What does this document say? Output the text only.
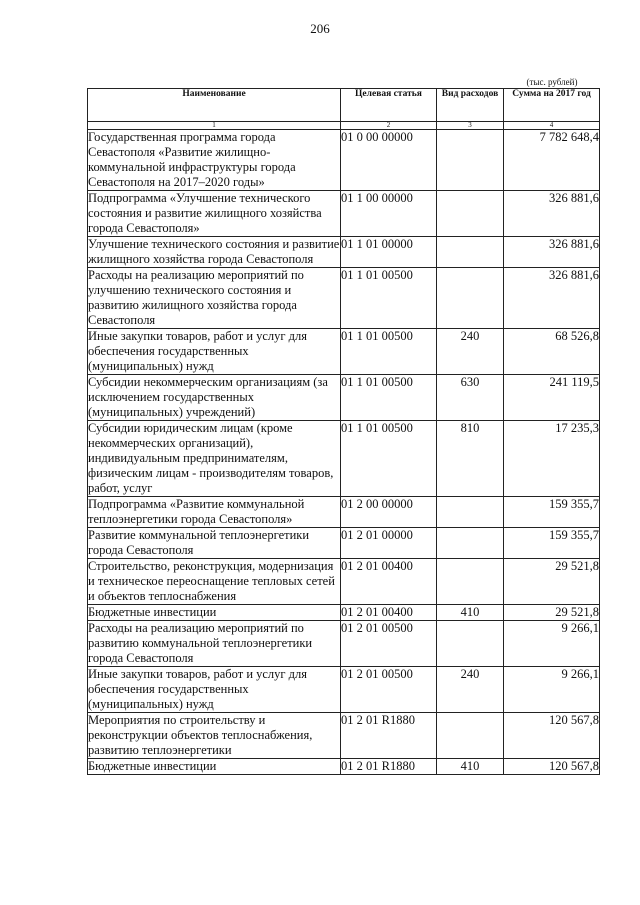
206
(тыс. рублей)
Наименование	Целевая статья	Вид расходов	Сумма на 2017 год
1	2	3	4
Государственная программа города Севастополя «Развитие жилищно-коммунальной инфраструктуры города Севастополя на 2017–2020 годы»	01 0 00 00000		7 782 648,4
Подпрограмма «Улучшение технического состояния и развитие жилищного хозяйства города Севастополя»	01 1 00 00000		326 881,6
Улучшение технического состояния и развитие жилищного хозяйства города Севастополя	01 1 01 00000		326 881,6
Расходы на реализацию мероприятий по улучшению технического состояния и развитию жилищного хозяйства города Севастополя	01 1 01 00500		326 881,6
Иные закупки товаров, работ и услуг для обеспечения государственных (муниципальных) нужд	01 1 01 00500	240	68 526,8
Субсидии некоммерческим организациям (за исключением государственных (муниципальных) учреждений)	01 1 01 00500	630	241 119,5
Субсидии юридическим лицам (кроме некоммерческих организаций), индивидуальным предпринимателям, физическим лицам - производителям товаров, работ, услуг	01 1 01 00500	810	17 235,3
Подпрограмма «Развитие коммунальной теплоэнергетики города Севастополя»	01 2 00 00000		159 355,7
Развитие коммунальной теплоэнергетики города Севастополя	01 2 01 00000		159 355,7
Строительство, реконструкция, модернизация и техническое переоснащение тепловых сетей и объектов теплоснабжения	01 2 01 00400		29 521,8
Бюджетные инвестиции	01 2 01 00400	410	29 521,8
Расходы на реализацию мероприятий по развитию коммунальной теплоэнергетики города Севастополя	01 2 01 00500		9 266,1
Иные закупки товаров, работ и услуг для обеспечения государственных (муниципальных) нужд	01 2 01 00500	240	9 266,1
Мероприятия по строительству и реконструкции объектов теплоснабжения, развитию теплоэнергетики	01 2 01 R1880		120 567,8
Бюджетные инвестиции	01 2 01 R1880	410	120 567,8
